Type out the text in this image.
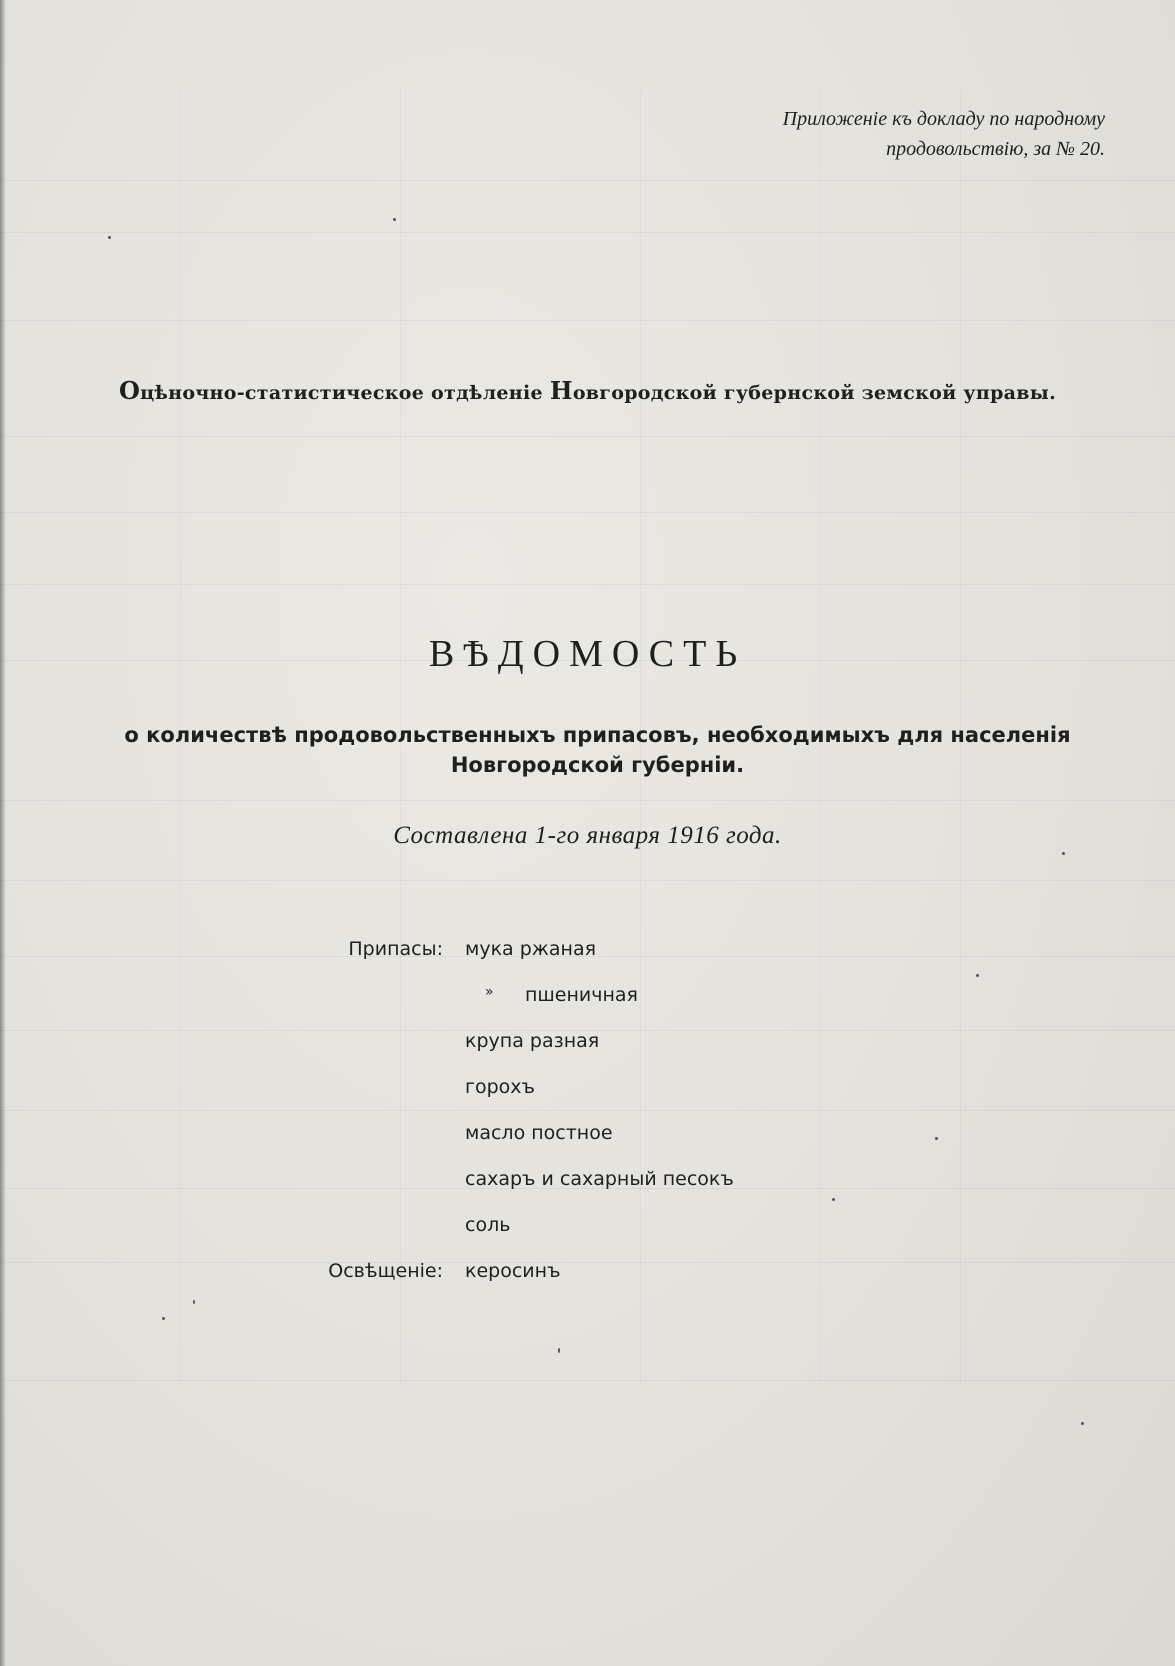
Приложенiе къ докладу по народному
продовольствiю, за № 20.
Оцѣночно-статистическое отдѣленiе Новгородской губернской земской управы.
ВѢДОМОСТЬ
о количествѣ продовольственныхъ припасовъ, необходимыхъ для населенiя
Новгородской губернiи.
Составлена 1-го января 1916 года.
Припасы: мука ржаная
» пшеничная
крупа разная
горохъ
масло постное
сахаръ и сахарный песокъ
соль
Освѣщенiе: керосинъ
